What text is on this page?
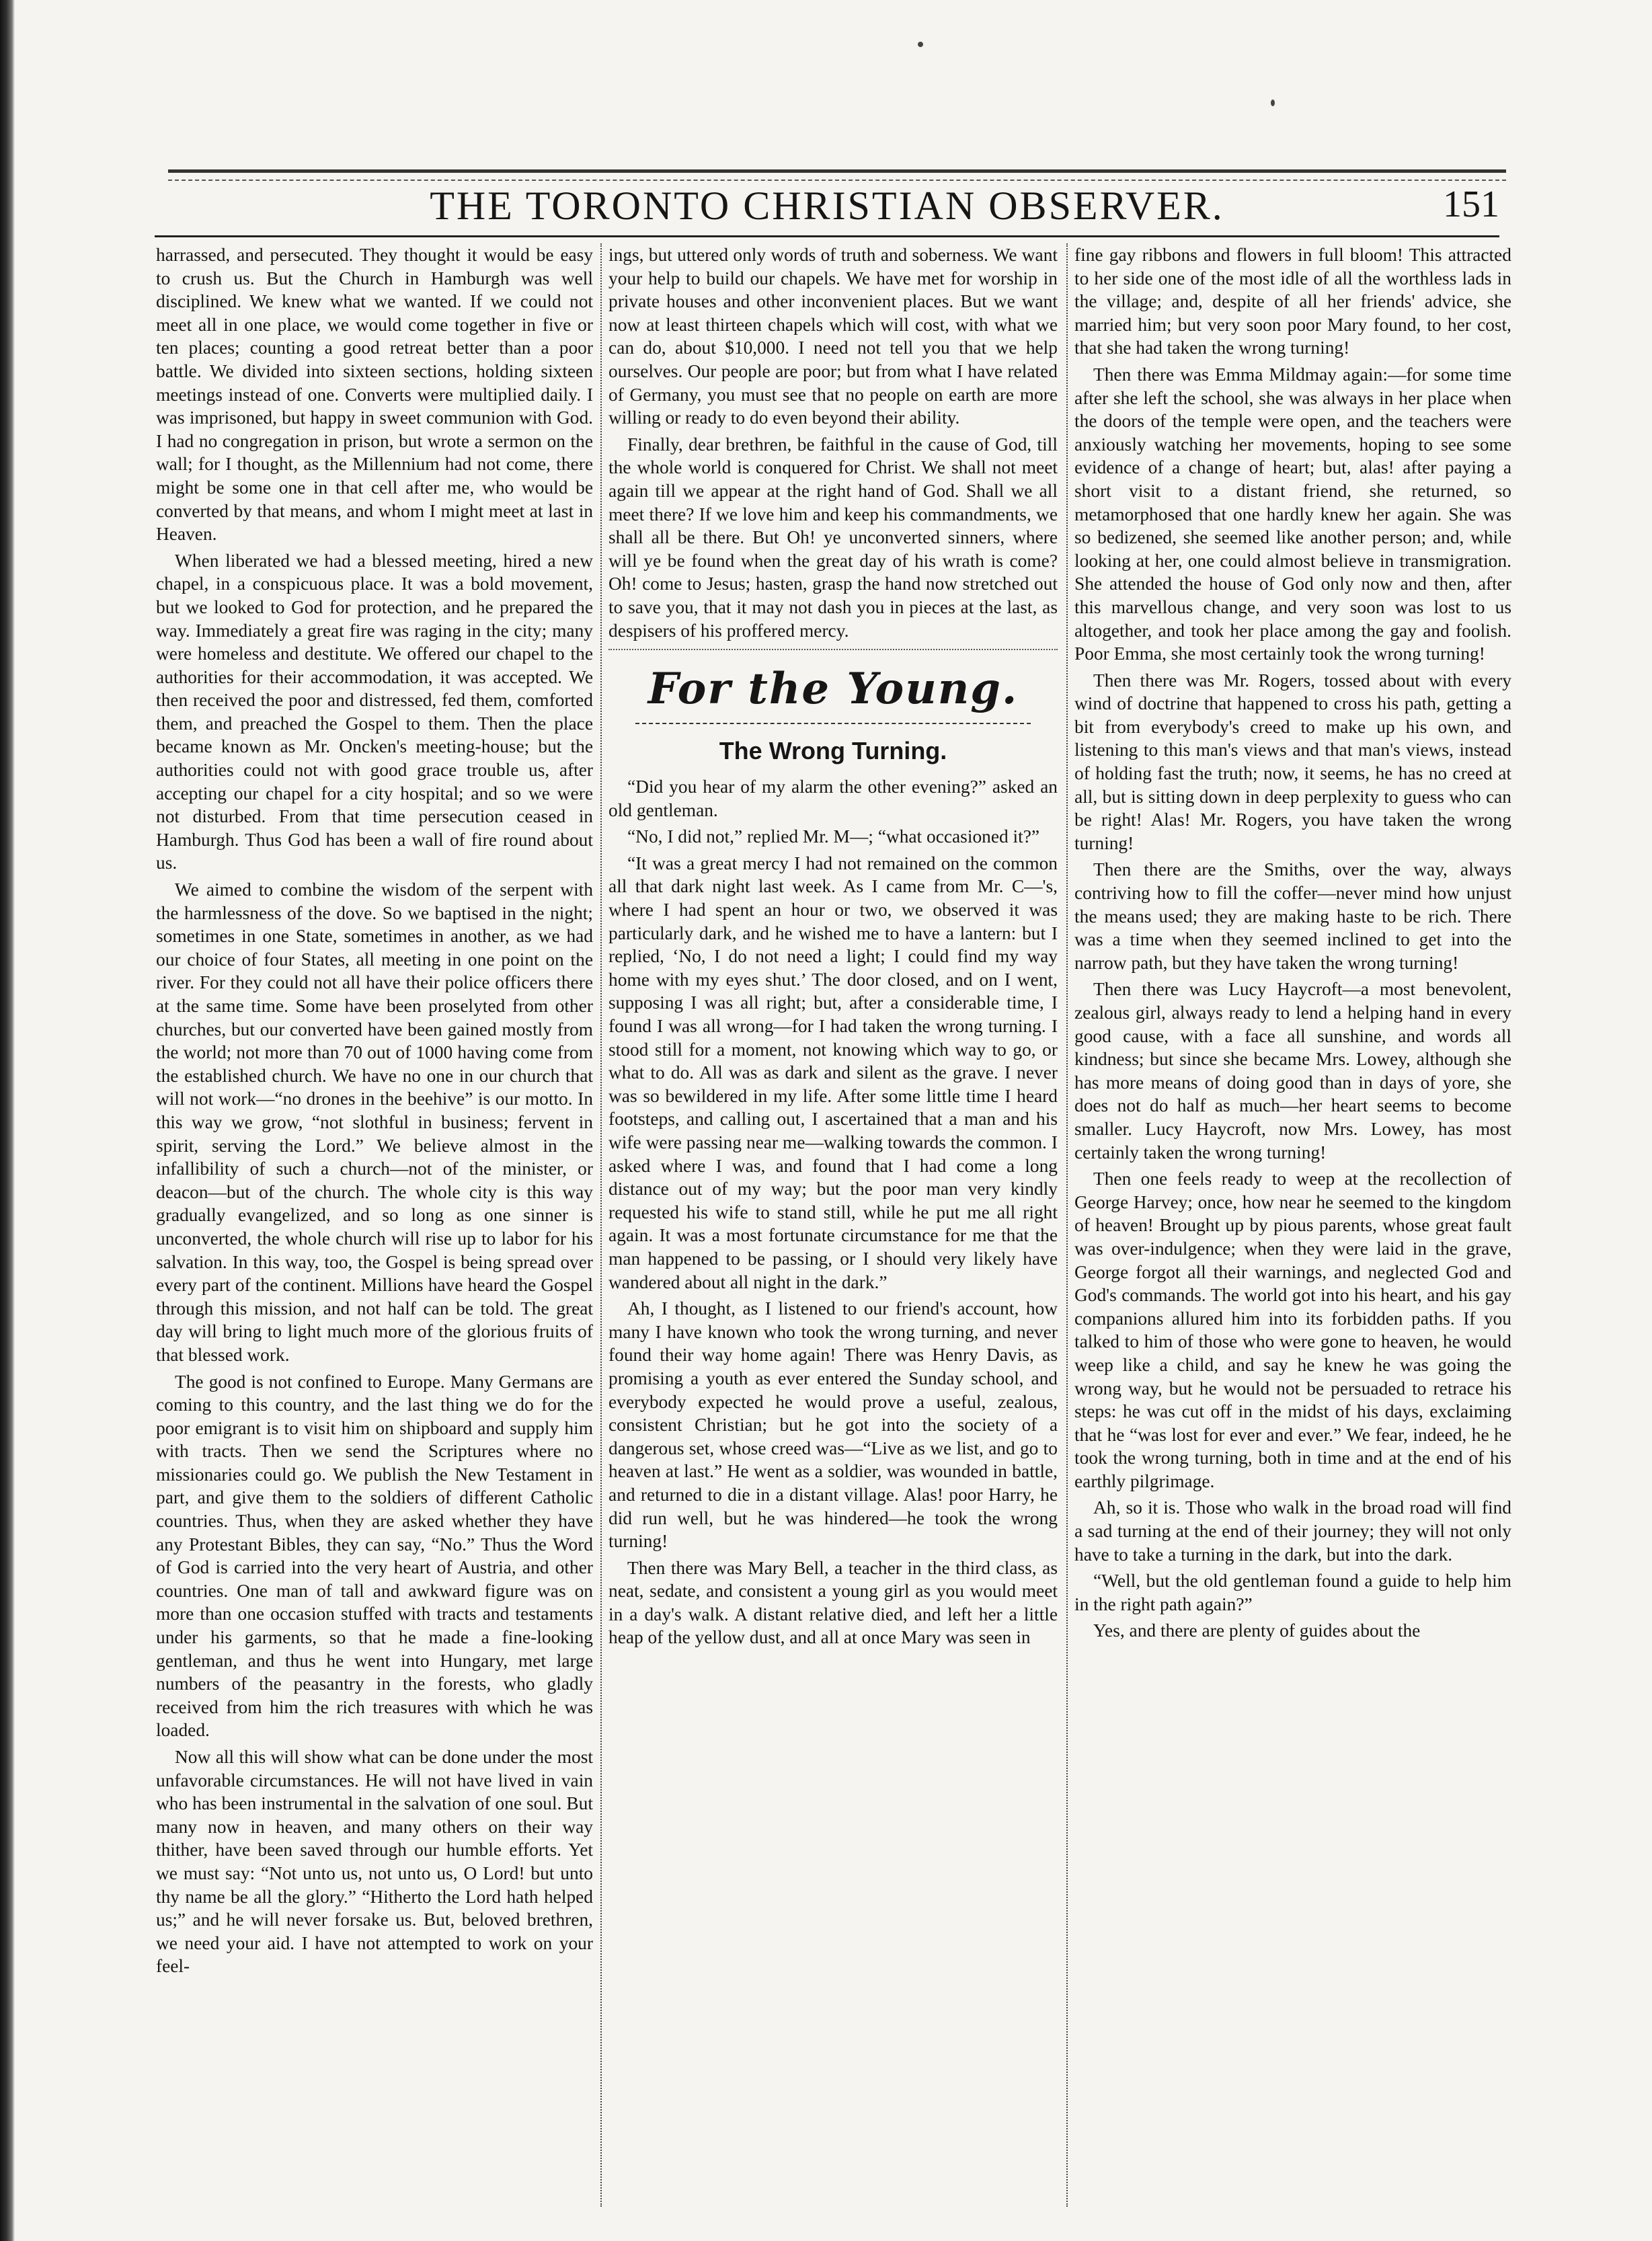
THE TORONTO CHRISTIAN OBSERVER.	151

harrassed, and persecuted. They thought it would be easy to crush us. But the Church in Hamburgh was well disciplined. We knew what we wanted. If we could not meet all in one place, we would come together in five or ten places; counting a good retreat better than a poor battle. We divided into sixteen sections, holding sixteen meetings instead of one. Converts were multiplied daily. I was imprisoned, but happy in sweet communion with God. I had no congregation in prison, but wrote a sermon on the wall; for I thought, as the Millennium had not come, there might be some one in that cell after me, who would be converted by that means, and whom I might meet at last in Heaven.

When liberated we had a blessed meeting, hired a new chapel, in a conspicuous place. It was a bold movement, but we looked to God for protection, and he prepared the way. Immediately a great fire was raging in the city; many were homeless and destitute. We offered our chapel to the authorities for their accommodation, it was accepted. We then received the poor and distressed, fed them, comforted them, and preached the Gospel to them. Then the place became known as Mr. Oncken's meeting-house; but the authorities could not with good grace trouble us, after accepting our chapel for a city hospital; and so we were not disturbed. From that time persecution ceased in Hamburgh. Thus God has been a wall of fire round about us.

We aimed to combine the wisdom of the serpent with the harmlessness of the dove. So we baptised in the night; sometimes in one State, sometimes in another, as we had our choice of four States, all meeting in one point on the river. For they could not all have their police officers there at the same time. Some have been proselyted from other churches, but our converted have been gained mostly from the world; not more than 70 out of 1000 having come from the established church. We have no one in our church that will not work—“no drones in the beehive” is our motto. In this way we grow, “not slothful in business; fervent in spirit, serving the Lord.” We believe almost in the infallibility of such a church—not of the minister, or deacon—but of the church. The whole city is this way gradually evangelized, and so long as one sinner is unconverted, the whole church will rise up to labor for his salvation. In this way, too, the Gospel is being spread over every part of the continent. Millions have heard the Gospel through this mission, and not half can be told. The great day will bring to light much more of the glorious fruits of that blessed work.

The good is not confined to Europe. Many Germans are coming to this country, and the last thing we do for the poor emigrant is to visit him on shipboard and supply him with tracts. Then we send the Scriptures where no missionaries could go. We publish the New Testament in part, and give them to the soldiers of different Catholic countries. Thus, when they are asked whether they have any Protestant Bibles, they can say, “No.” Thus the Word of God is carried into the very heart of Austria, and other countries. One man of tall and awkward figure was on more than one occasion stuffed with tracts and testaments under his garments, so that he made a fine-looking gentleman, and thus he went into Hungary, met large numbers of the peasantry in the forests, who gladly received from him the rich treasures with which he was loaded.

Now all this will show what can be done under the most unfavorable circumstances. He will not have lived in vain who has been instrumental in the salvation of one soul. But many now in heaven, and many others on their way thither, have been saved through our humble efforts. Yet we must say: “Not unto us, not unto us, O Lord! but unto thy name be all the glory.” “Hitherto the Lord hath helped us;” and he will never forsake us. But, beloved brethren, we need your aid. I have not attempted to work on your feel-

ings, but uttered only words of truth and soberness. We want your help to build our chapels. We have met for worship in private houses and other inconvenient places. But we want now at least thirteen chapels which will cost, with what we can do, about $10,000. I need not tell you that we help ourselves. Our people are poor; but from what I have related of Germany, you must see that no people on earth are more willing or ready to do even beyond their ability.

Finally, dear brethren, be faithful in the cause of God, till the whole world is conquered for Christ. We shall not meet again till we appear at the right hand of God. Shall we all meet there? If we love him and keep his commandments, we shall all be there. But Oh! ye unconverted sinners, where will ye be found when the great day of his wrath is come? Oh! come to Jesus; hasten, grasp the hand now stretched out to save you, that it may not dash you in pieces at the last, as despisers of his proffered mercy.

For the Young.
The Wrong Turning.

“Did you hear of my alarm the other evening?” asked an old gentleman.

“No, I did not,” replied Mr. M—; “what occasioned it?”

“It was a great mercy I had not remained on the common all that dark night last week. As I came from Mr. C—'s, where I had spent an hour or two, we observed it was particularly dark, and he wished me to have a lantern: but I replied, ‘No, I do not need a light; I could find my way home with my eyes shut.’ The door closed, and on I went, supposing I was all right; but, after a considerable time, I found I was all wrong—for I had taken the wrong turning. I stood still for a moment, not knowing which way to go, or what to do. All was as dark and silent as the grave. I never was so bewildered in my life. After some little time I heard footsteps, and calling out, I ascertained that a man and his wife were passing near me—walking towards the common. I asked where I was, and found that I had come a long distance out of my way; but the poor man very kindly requested his wife to stand still, while he put me all right again. It was a most fortunate circumstance for me that the man happened to be passing, or I should very likely have wandered about all night in the dark.”

Ah, I thought, as I listened to our friend's account, how many I have known who took the wrong turning, and never found their way home again! There was Henry Davis, as promising a youth as ever entered the Sunday school, and everybody expected he would prove a useful, zealous, consistent Christian; but he got into the society of a dangerous set, whose creed was—“Live as we list, and go to heaven at last.” He went as a soldier, was wounded in battle, and returned to die in a distant village. Alas! poor Harry, he did run well, but he was hindered—he took the wrong turning!

Then there was Mary Bell, a teacher in the third class, as neat, sedate, and consistent a young girl as you would meet in a day's walk. A distant relative died, and left her a little heap of the yellow dust, and all at once Mary was seen in

fine gay ribbons and flowers in full bloom! This attracted to her side one of the most idle of all the worthless lads in the village; and, despite of all her friends' advice, she married him; but very soon poor Mary found, to her cost, that she had taken the wrong turning!

Then there was Emma Mildmay again:—for some time after she left the school, she was always in her place when the doors of the temple were open, and the teachers were anxiously watching her movements, hoping to see some evidence of a change of heart; but, alas! after paying a short visit to a distant friend, she returned, so metamorphosed that one hardly knew her again. She was so bedizened, she seemed like another person; and, while looking at her, one could almost believe in transmigration. She attended the house of God only now and then, after this marvellous change, and very soon was lost to us altogether, and took her place among the gay and foolish. Poor Emma, she most certainly took the wrong turning!

Then there was Mr. Rogers, tossed about with every wind of doctrine that happened to cross his path, getting a bit from everybody's creed to make up his own, and listening to this man's views and that man's views, instead of holding fast the truth; now, it seems, he has no creed at all, but is sitting down in deep perplexity to guess who can be right! Alas! Mr. Rogers, you have taken the wrong turning!

Then there are the Smiths, over the way, always contriving how to fill the coffer—never mind how unjust the means used; they are making haste to be rich. There was a time when they seemed inclined to get into the narrow path, but they have taken the wrong turning!

Then there was Lucy Haycroft—a most benevolent, zealous girl, always ready to lend a helping hand in every good cause, with a face all sunshine, and words all kindness; but since she became Mrs. Lowey, although she has more means of doing good than in days of yore, she does not do half as much—her heart seems to become smaller. Lucy Haycroft, now Mrs. Lowey, has most certainly taken the wrong turning!

Then one feels ready to weep at the recollection of George Harvey; once, how near he seemed to the kingdom of heaven! Brought up by pious parents, whose great fault was over-indulgence; when they were laid in the grave, George forgot all their warnings, and neglected God and God's commands. The world got into his heart, and his gay companions allured him into its forbidden paths. If you talked to him of those who were gone to heaven, he would weep like a child, and say he knew he was going the wrong way, but he would not be persuaded to retrace his steps: he was cut off in the midst of his days, exclaiming that he “was lost for ever and ever.” We fear, indeed, he he took the wrong turning, both in time and at the end of his earthly pilgrimage.

Ah, so it is. Those who walk in the broad road will find a sad turning at the end of their journey; they will not only have to take a turning in the dark, but into the dark.

“Well, but the old gentleman found a guide to help him in the right path again?”

Yes, and there are plenty of guides about the
